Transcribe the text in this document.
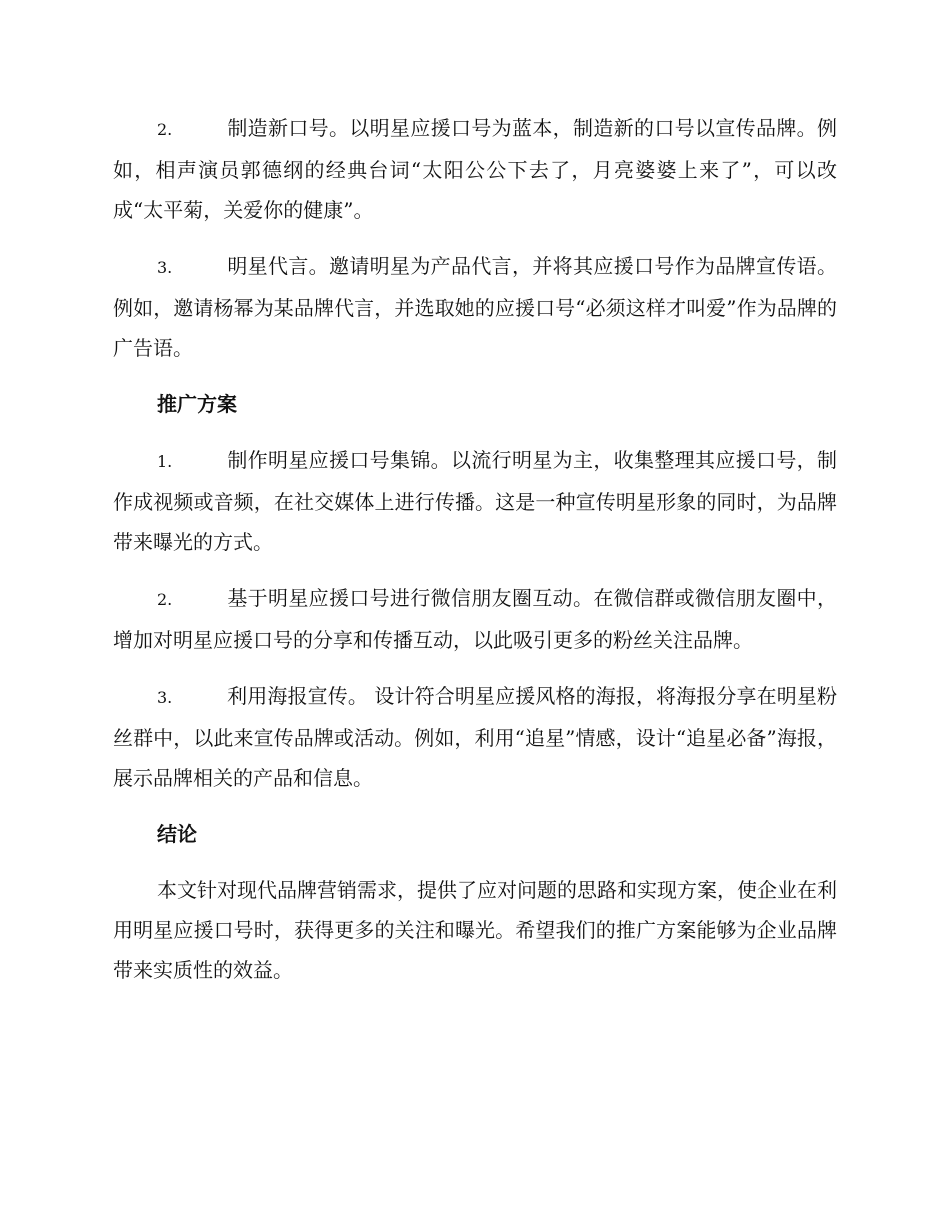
2.	制造新口号。以明星应援口号为蓝本，制造新的口号以宣传品牌。例如，相声演员郭德纲的经典台词“太阳公公下去了，月亮婆婆上来了”，可以改成“太平菊，关爱你的健康”。

3.	明星代言。邀请明星为产品代言，并将其应援口号作为品牌宣传语。例如，邀请杨幂为某品牌代言，并选取她的应援口号“必须这样才叫爱”作为品牌的广告语。

推广方案

1.	制作明星应援口号集锦。以流行明星为主，收集整理其应援口号，制作成视频或音频，在社交媒体上进行传播。这是一种宣传明星形象的同时，为品牌带来曝光的方式。

2.	基于明星应援口号进行微信朋友圈互动。在微信群或微信朋友圈中，增加对明星应援口号的分享和传播互动，以此吸引更多的粉丝关注品牌。

3.	利用海报宣传。 设计符合明星应援风格的海报，将海报分享在明星粉丝群中，以此来宣传品牌或活动。例如，利用“追星”情感，设计“追星必备”海报，展示品牌相关的产品和信息。

结论

本文针对现代品牌营销需求，提供了应对问题的思路和实现方案，使企业在利用明星应援口号时，获得更多的关注和曝光。希望我们的推广方案能够为企业品牌带来实质性的效益。
